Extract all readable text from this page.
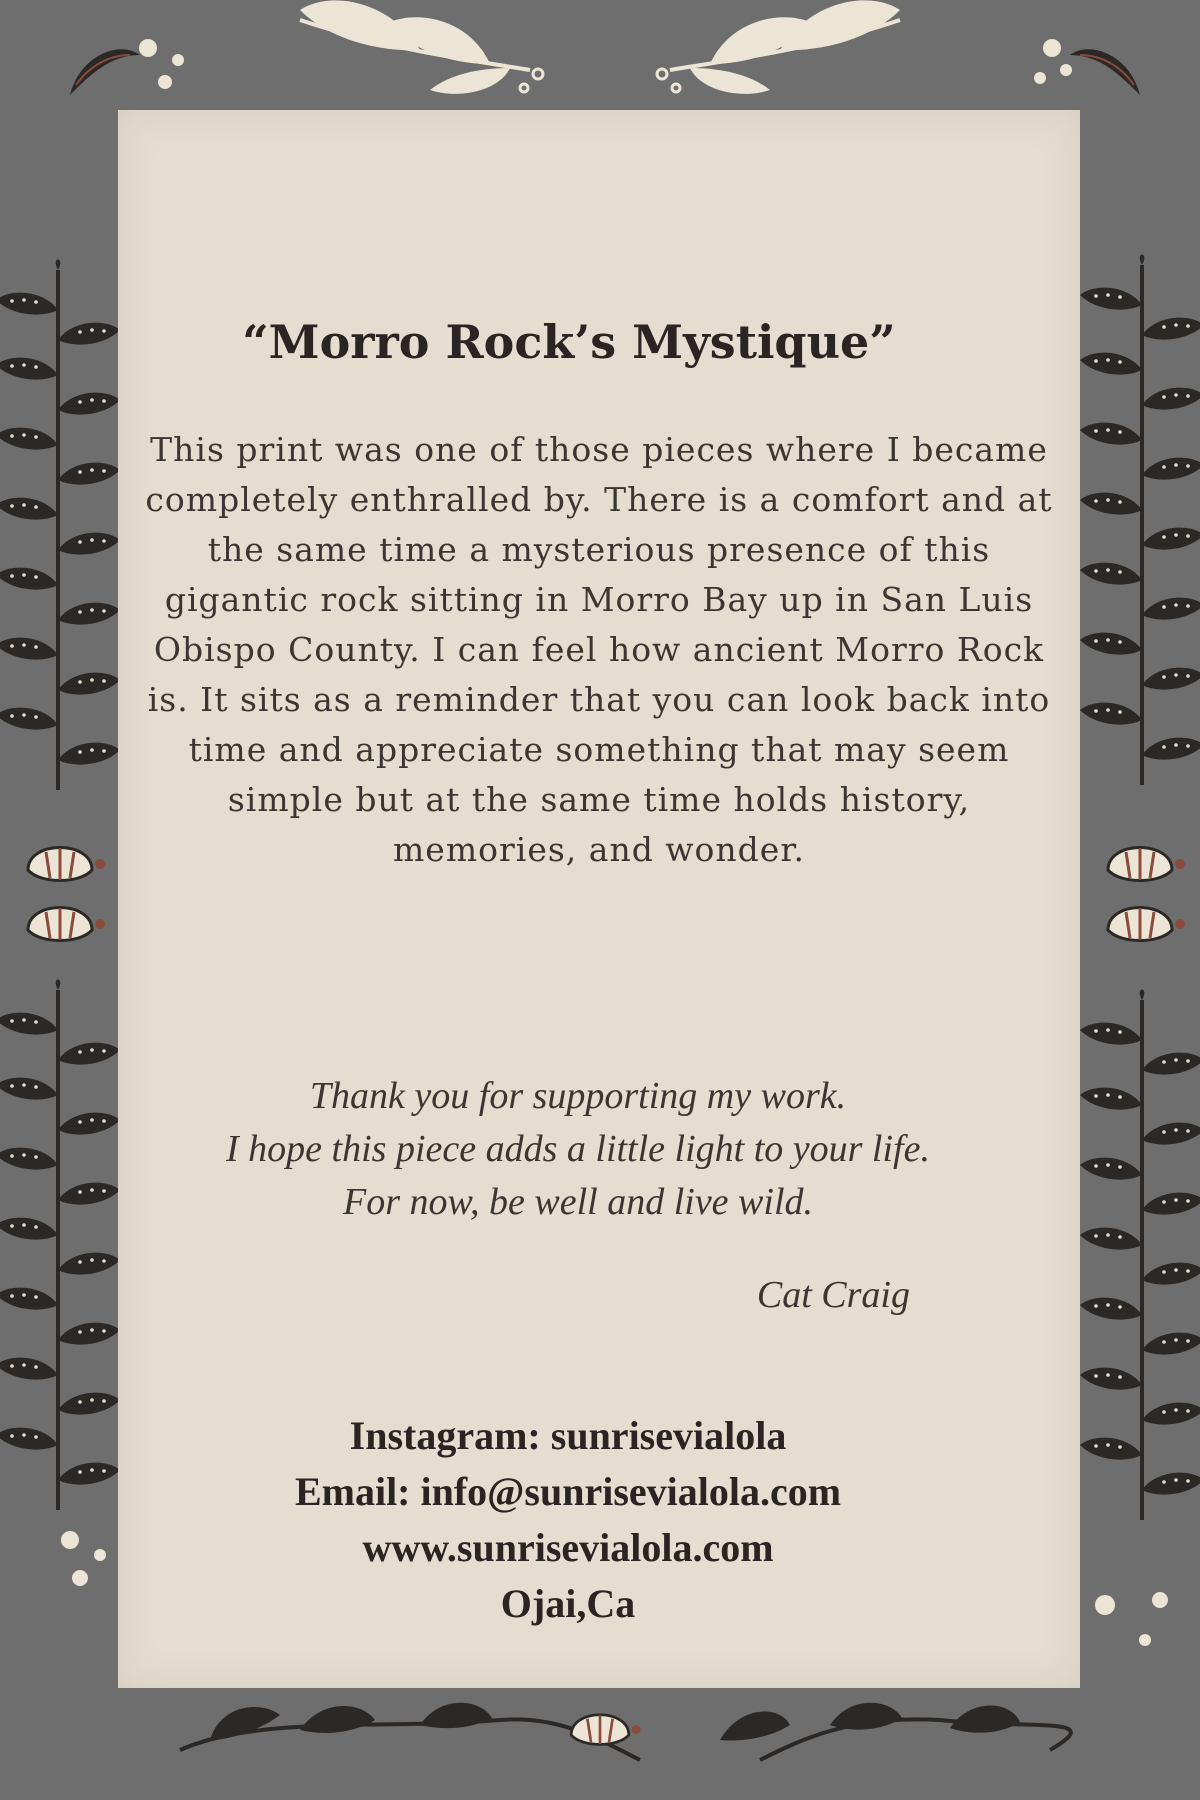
“Morro Rock’s Mystique”

This print was one of those pieces where I became completely enthralled by. There is a comfort and at the same time a mysterious presence of this gigantic rock sitting in Morro Bay up in San Luis Obispo County. I can feel how ancient Morro Rock is. It sits as a reminder that you can look back into time and appreciate something that may seem simple but at the same time holds history, memories, and wonder.

Thank you for supporting my work.
I hope this piece adds a little light to your life.
For now, be well and live wild.
Cat Craig
Instagram: sunrisevialola
Email: info@sunrisevialola.com
www.sunrisevialola.com
Ojai,Ca
